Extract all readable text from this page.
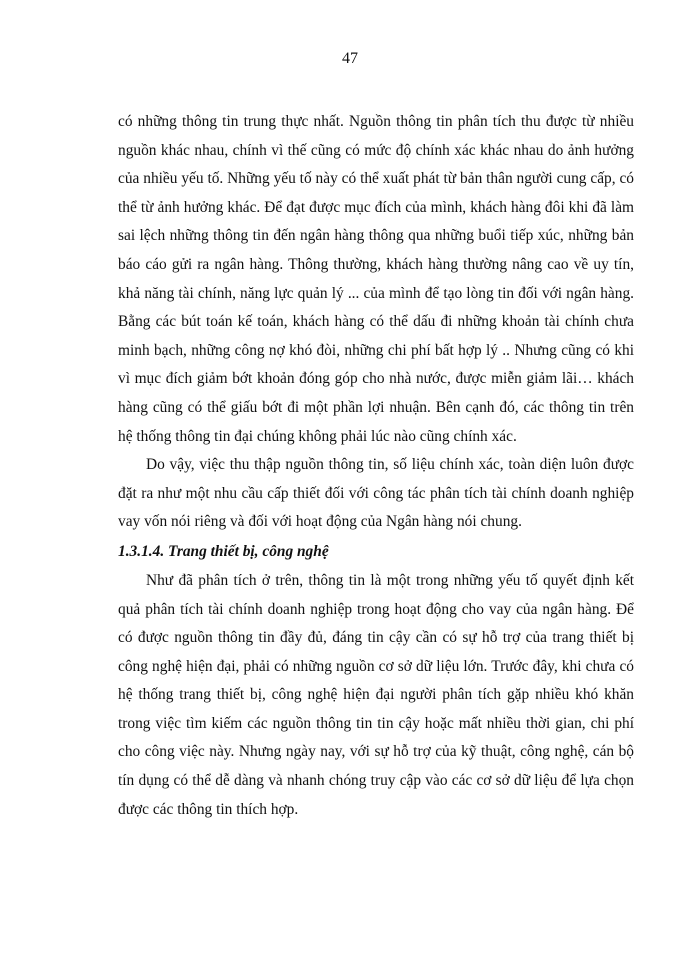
47

có những thông tin trung thực nhất. Nguồn thông tin phân tích thu được từ nhiều nguồn khác nhau, chính vì thế cũng có mức độ chính xác khác nhau do ảnh hưởng của nhiều yếu tố. Những yếu tố này có thể xuất phát từ bản thân người cung cấp, có thể từ ảnh hưởng khác. Để đạt được mục đích của mình, khách hàng đôi khi đã làm sai lệch những thông tin đến ngân hàng thông qua những buổi tiếp xúc, những bản báo cáo gửi ra ngân hàng. Thông thường, khách hàng thường nâng cao về uy tín, khả năng tài chính, năng lực quản lý ... của mình để tạo lòng tin đối với ngân hàng. Bằng các bút toán kế toán, khách hàng có thể dấu đi những khoản tài chính chưa minh bạch, những công nợ khó đòi, những chi phí bất hợp lý .. Nhưng cũng có khi vì mục đích giảm bớt khoản đóng góp cho nhà nước, được miễn giảm lãi… khách hàng cũng có thể giấu bớt đi một phần lợi nhuận. Bên cạnh đó, các thông tin trên hệ thống thông tin đại chúng không phải lúc nào cũng chính xác.

Do vậy, việc thu thập nguồn thông tin, số liệu chính xác, toàn diện luôn được đặt ra như một nhu cầu cấp thiết đối với công tác phân tích tài chính doanh nghiệp vay vốn nói riêng và đối với hoạt động của Ngân hàng nói chung.

1.3.1.4. Trang thiết bị, công nghệ

Như đã phân tích ở trên, thông tin là một trong những yếu tố quyết định kết quả phân tích tài chính doanh nghiệp trong hoạt động cho vay của ngân hàng. Để có được nguồn thông tin đầy đủ, đáng tin cậy cần có sự hỗ trợ của trang thiết bị công nghệ hiện đại, phải có những nguồn cơ sở dữ liệu lớn. Trước đây, khi chưa có hệ thống trang thiết bị, công nghệ hiện đại người phân tích gặp nhiều khó khăn trong việc tìm kiếm các nguồn thông tin tin cậy hoặc mất nhiều thời gian, chi phí cho công việc này. Nhưng ngày nay, với sự hỗ trợ của kỹ thuật, công nghệ, cán bộ tín dụng có thể dễ dàng và nhanh chóng truy cập vào các cơ sở dữ liệu để lựa chọn được các thông tin thích hợp.
